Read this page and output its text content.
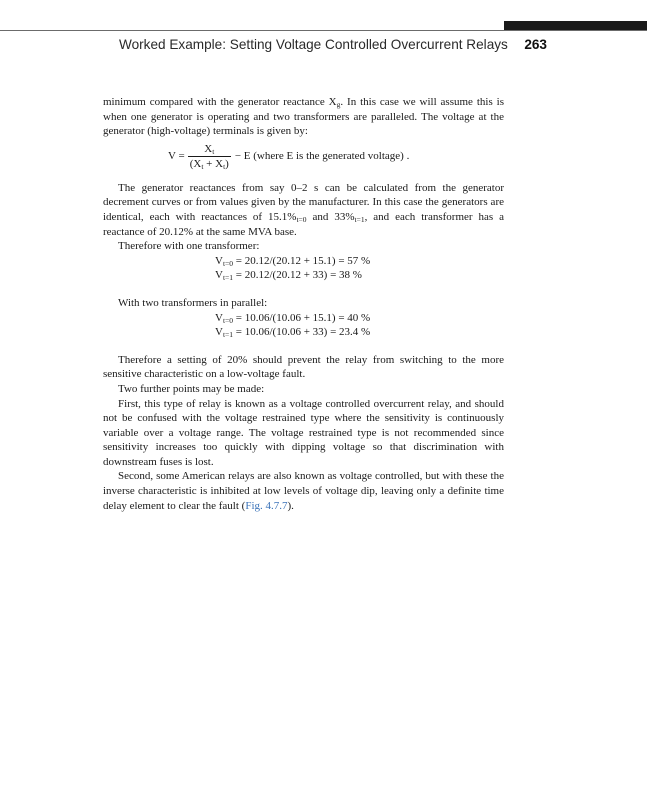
Worked Example: Setting Voltage Controlled Overcurrent Relays 263

minimum compared with the generator reactance $X_g$. In this case we will assume this is when one generator is operating and two transformers are paralleled. The voltage at the generator (high-voltage) terminals is given by:

$V = \frac{X_t}{(X_t + X_t)} - E$ (where E is the generated voltage) .

The generator reactances from say 0–2 s can be calculated from the generator decrement curves or from values given by the manufacturer. In this case the generators are identical, each with reactances of $15.1\%_{t=0}$ and $33\%_{t=1}$, and each transformer has a reactance of 20.12% at the same MVA base.

Therefore with one transformer:

$V_{t=0} = 20.12/(20.12 + 15.1) = 57$ %
$V_{t=1} = 20.12/(20.12 + 33) = 38$ %

With two transformers in parallel:

$V_{t=0} = 10.06/(10.06 + 15.1) = 40$ %
$V_{t=1} = 10.06/(10.06 + 33) = 23.4$ %

Therefore a setting of 20% should prevent the relay from switching to the more sensitive characteristic on a low-voltage fault.

Two further points may be made:

First, this type of relay is known as a voltage controlled overcurrent relay, and should not be confused with the voltage restrained type where the sensitivity is continuously variable over a voltage range. The voltage restrained type is not recommended since sensitivity increases too quickly with dipping voltage so that discrimination with downstream fuses is lost.

Second, some American relays are also known as voltage controlled, but with these the inverse characteristic is inhibited at low levels of voltage dip, leaving only a definite time delay element to clear the fault (Fig. 4.7.7).
